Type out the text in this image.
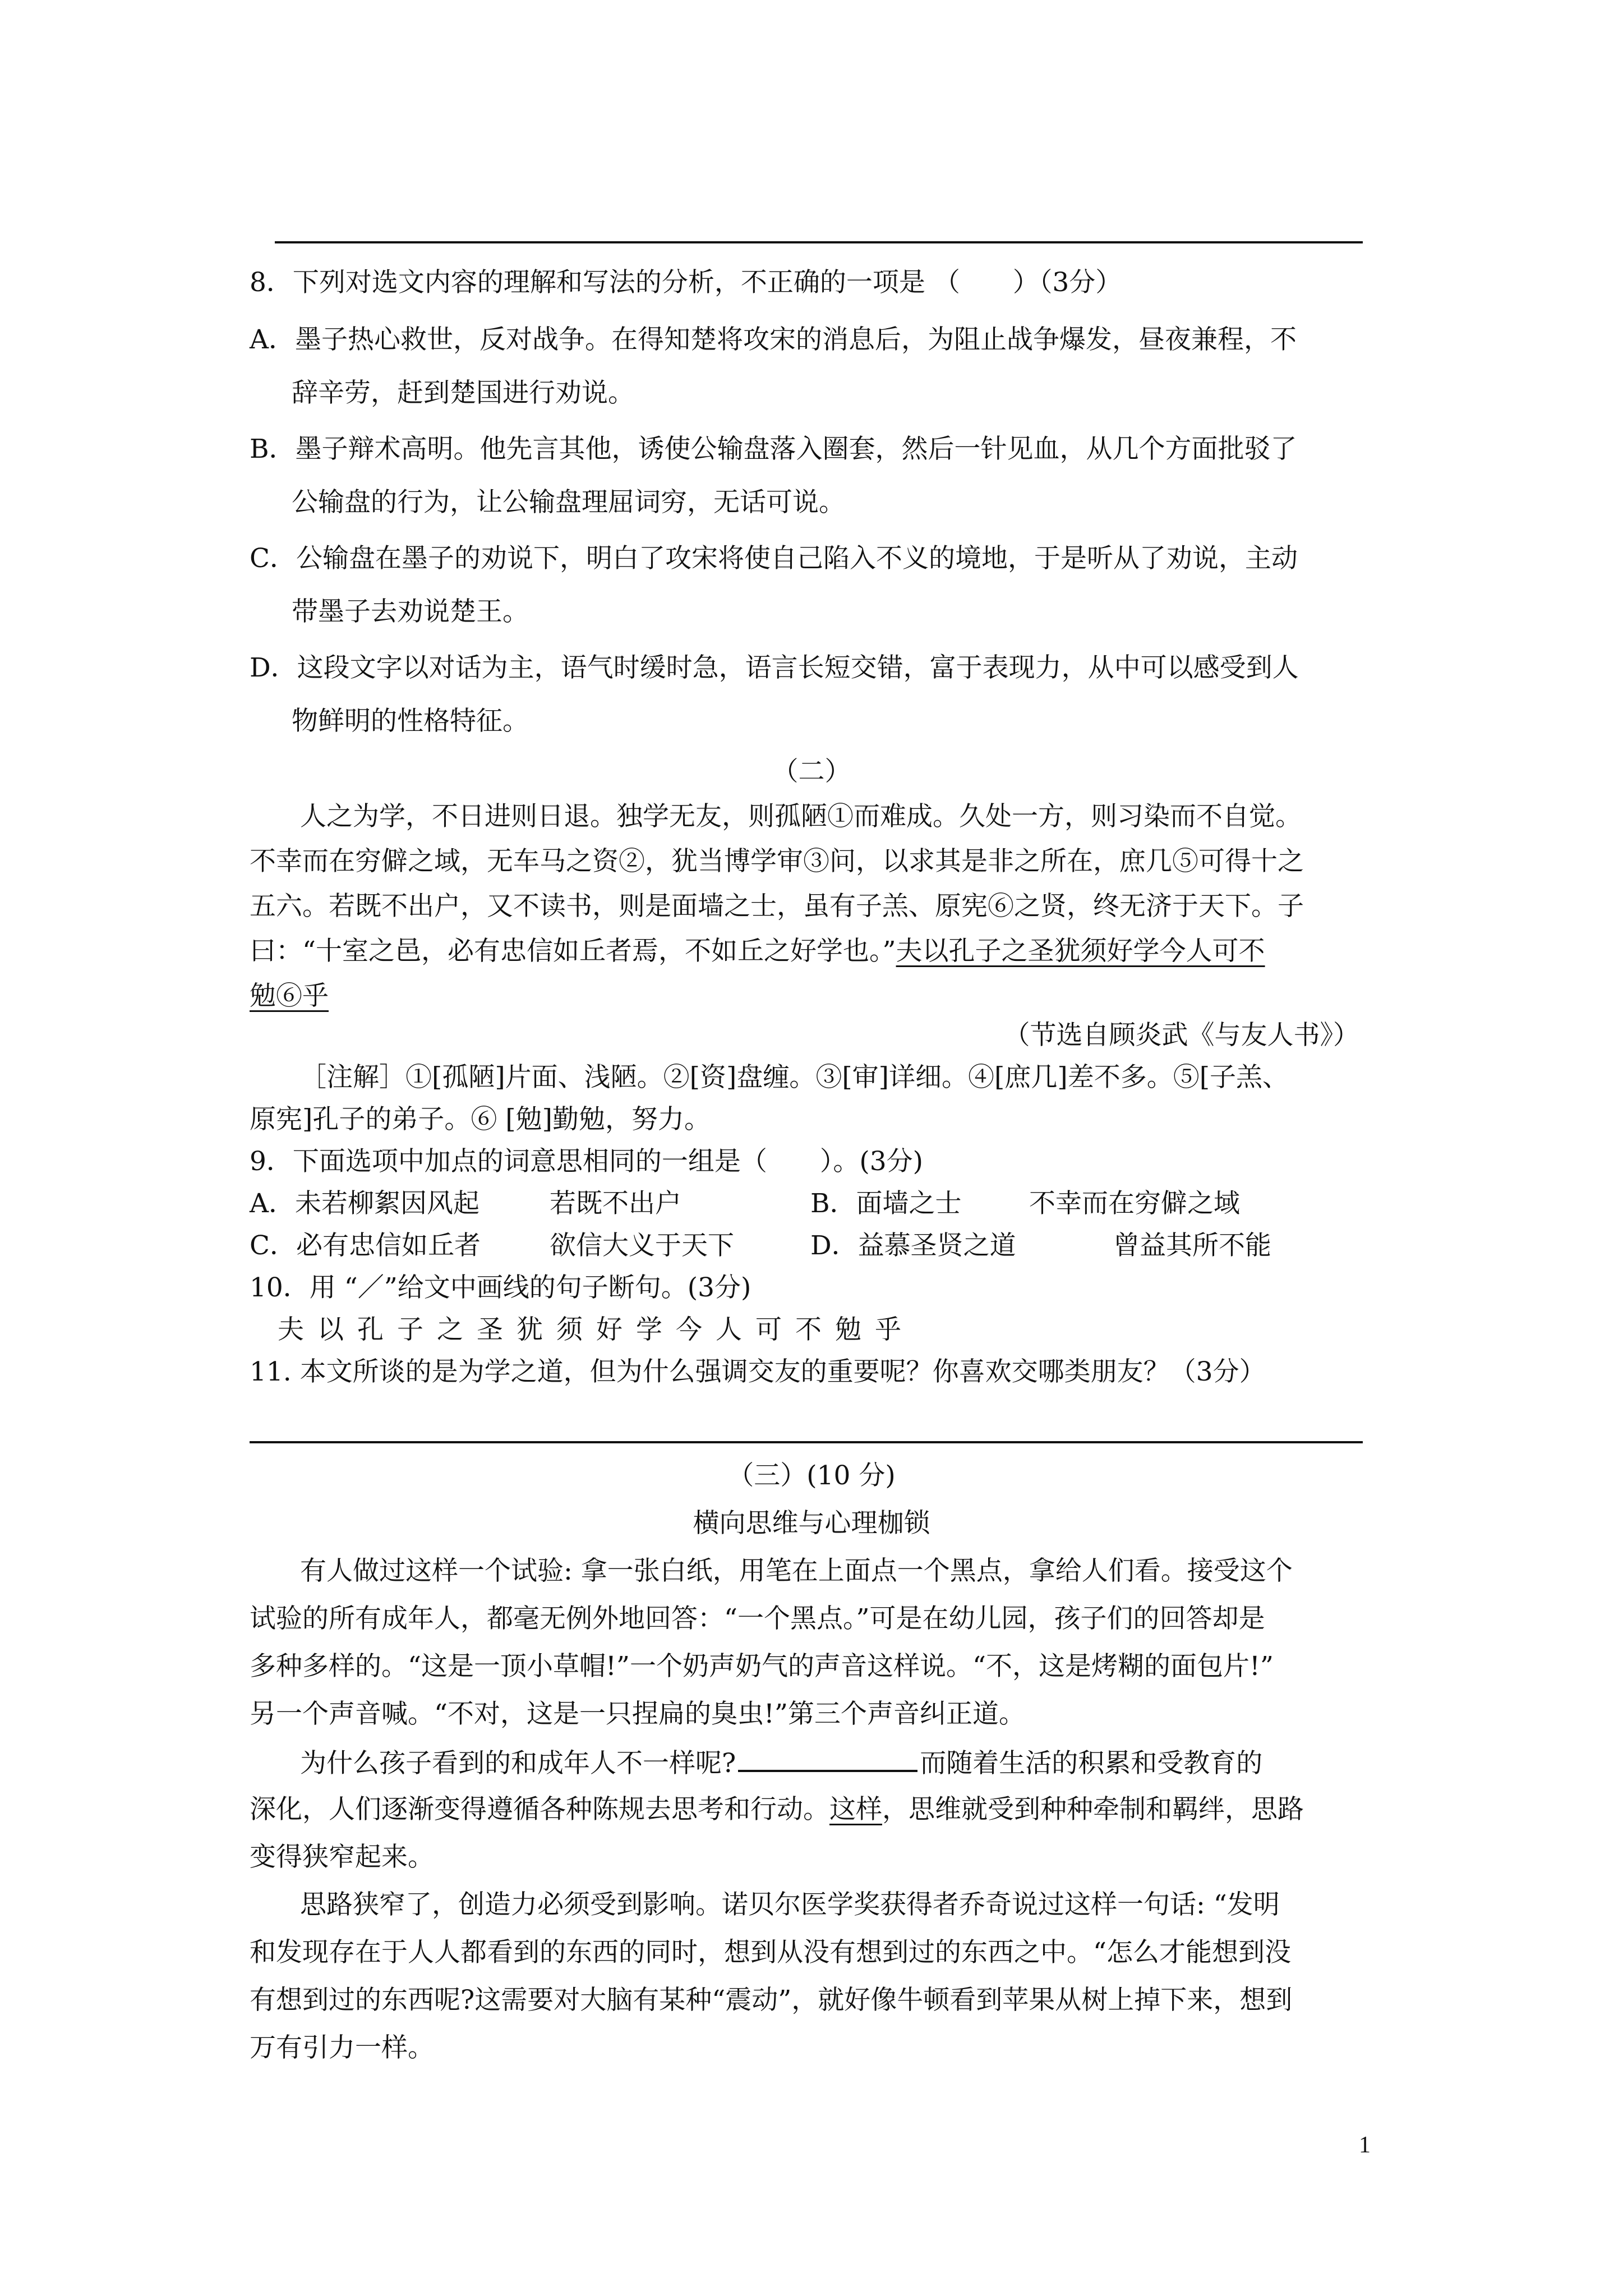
8．下列对选文内容的理解和写法的分析，不正确的一项是 （　　）（3分）
A．墨子热心救世，反对战争。在得知楚将攻宋的消息后，为阻止战争爆发，昼夜兼程，不
辞辛劳，赶到楚国进行劝说。
B．墨子辩术高明。他先言其他，诱使公输盘落入圈套，然后一针见血，从几个方面批驳了
公输盘的行为，让公输盘理屈词穷，无话可说。
C．公输盘在墨子的劝说下，明白了攻宋将使自己陷入不义的境地，于是听从了劝说，主动
带墨子去劝说楚王。
D．这段文字以对话为主，语气时缓时急，语言长短交错，富于表现力，从中可以感受到人
物鲜明的性格特征。
（二）
人之为学，不日进则日退。独学无友，则孤陋①而难成。久处一方，则习染而不自觉。
不幸而在穷僻之域，无车马之资②，犹当博学审③问，以求其是非之所在，庶几⑤可得十之
五六。若既不出户，又不读书，则是面墙之士，虽有子羔、原宪⑥之贤，终无济于天下。子
曰：“十室之邑，必有忠信如丘者焉，不如丘之好学也。”夫以孔子之圣犹须好学今人可不
勉⑥乎
（节选自顾炎武《与友人书》）
［注解］①[孤陋]片面、浅陋。②[资]盘缠。③[审]详细。④[庶几]差不多。⑤[子羔、
原宪]孔子的弟子。⑥ [勉]勤勉，努力。
9．下面选项中加点的词意思相同的一组是（　　）。(3分)
A．未若柳絮因风起	若既不出户	B．面墙之士	不幸而在穷僻之域
C．必有忠信如丘者	欲信大义于天下	D．益慕圣贤之道	曾益其所不能
10．用 “／”给文中画线的句子断句。(3分)
夫以孔子之圣犹须好学今人可不勉乎
11. 本文所谈的是为学之道，但为什么强调交友的重要呢？你喜欢交哪类朋友？（3分）
（三）(10 分)
横向思维与心理枷锁
有人做过这样一个试验: 拿一张白纸，用笔在上面点一个黑点，拿给人们看。接受这个
试验的所有成年人，都毫无例外地回答：“一个黑点。”可是在幼儿园，孩子们的回答却是
多种多样的。“这是一顶小草帽!”一个奶声奶气的声音这样说。“不，这是烤糊的面包片!”
另一个声音喊。“不对，这是一只捏扁的臭虫!”第三个声音纠正道。
为什么孩子看到的和成年人不一样呢?	而随着生活的积累和受教育的
深化，人们逐渐变得遵循各种陈规去思考和行动。这样，思维就受到种种牵制和羁绊，思路
变得狭窄起来。
思路狭窄了，创造力必须受到影响。诺贝尔医学奖获得者乔奇说过这样一句话: “发明
和发现存在于人人都看到的东西的同时，想到从没有想到过的东西之中。“怎么才能想到没
有想到过的东西呢?这需要对大脑有某种“震动”，就好像牛顿看到苹果从树上掉下来，想到
万有引力一样。
1
